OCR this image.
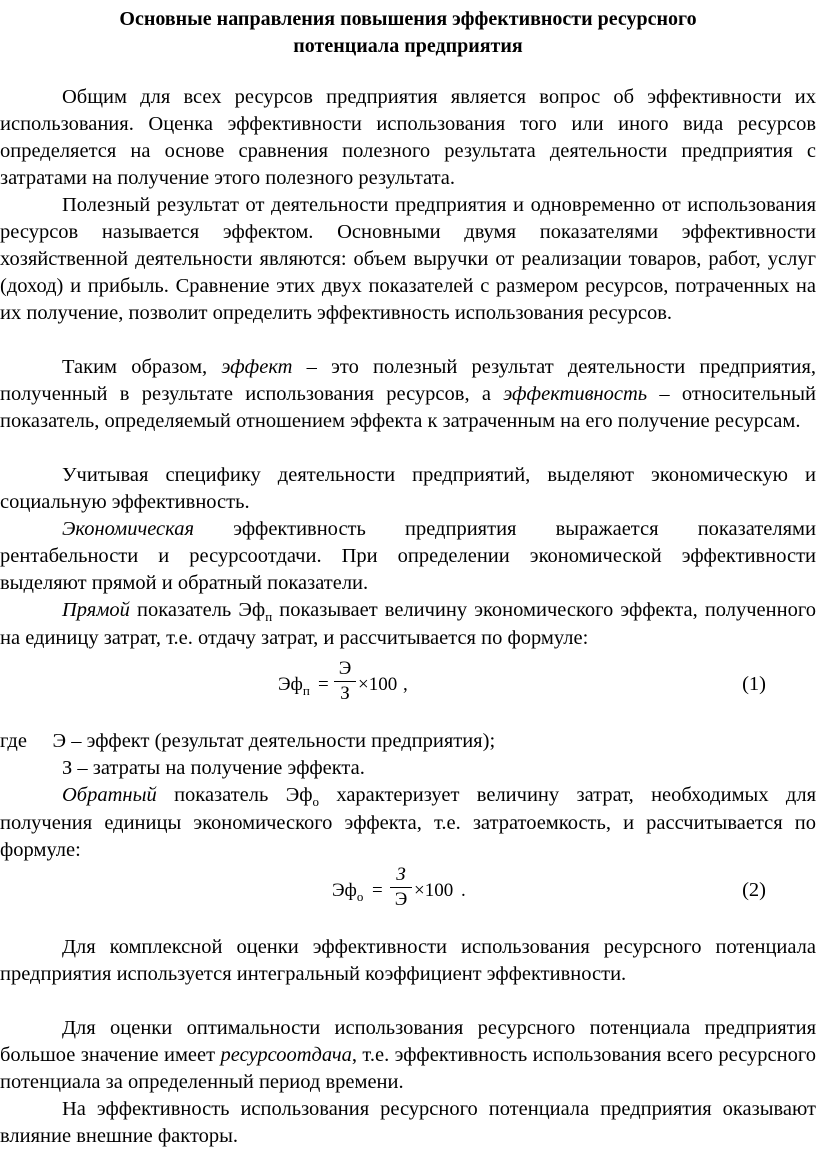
Основные направления повышения эффективности ресурсного
потенциала предприятия

Общим для всех ресурсов предприятия является вопрос об эффективности их использования. Оценка эффективности использования того или иного вида ресурсов определяется на основе сравнения полезного результата деятельности предприятия с затратами на получение этого полезного результата.

Полезный результат от деятельности предприятия и одновременно от использования ресурсов называется эффектом. Основными двумя показателями эффективности хозяйственной деятельности являются: объем выручки от реализации товаров, работ, услуг (доход) и прибыль. Сравнение этих двух показателей с размером ресурсов, потраченных на их получение, позволит определить эффективность использования ресурсов.

Таким образом, эффект – это полезный результат деятельности предприятия, полученный в результате использования ресурсов, а эффективность – относительный показатель, определяемый отношением эффекта к затраченным на его получение ресурсам.

Учитывая специфику деятельности предприятий, выделяют экономическую и социальную эффективность.

Экономическая эффективность предприятия выражается показателями рентабельности и ресурсоотдачи. При определении экономической эффективности выделяют прямой и обратный показатели.

Прямой показатель $Эф_п$ показывает величину экономического эффекта, полученного на единицу затрат, т.е. отдачу затрат, и рассчитывается по формуле:

$Эф_п$ =
Э
З ×100 ,	(1)

где     Э – эффект (результат деятельности предприятия);

З – затраты на получение эффекта.

Обратный показатель $Эф_о$ характеризует величину затрат, необходимых для получения единицы экономического эффекта, т.е. затратоемкость, и рассчитывается по формуле:

$Эф_о$ =
З
Э ×100 .	(2)

Для комплексной оценки эффективности использования ресурсного потенциала предприятия используется интегральный коэффициент эффективности.

Для оценки оптимальности использования ресурсного потенциала предприятия большое значение имеет ресурсоотдача, т.е. эффективность использования всего ресурсного потенциала за определенный период времени.

На эффективность использования ресурсного потенциала предприятия оказывают влияние внешние факторы.
